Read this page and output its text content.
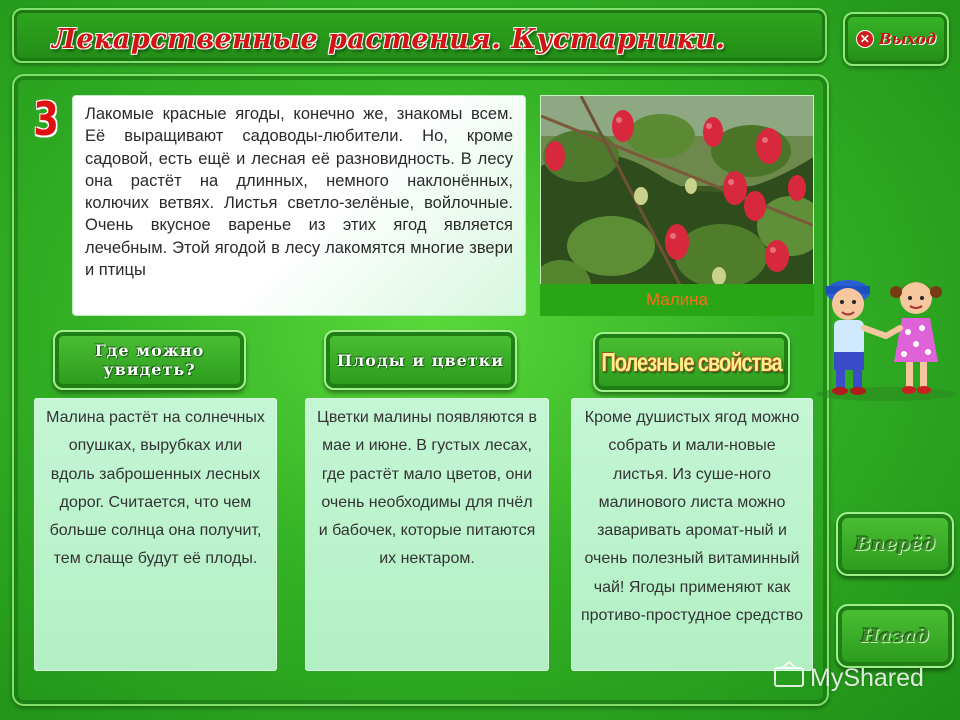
Лекарственные растения. Кустарники.	✕ Выход
3	Лакомые красные ягоды, конечно же, знакомы всем. Её выращивают садоводы-любители. Но, кроме садовой, есть ещё и лесная её разновидность. В лесу она растёт на длинных, немного наклонённых, колючих ветвях. Листья светло-зелёные, войлочные. Очень вкусное варенье из этих ягод является лечебным. Этой ягодой в лесу лакомятся многие звери и птицы
Малина
Где можно увидеть?	Плоды и цветки	Полезные свойства
Малина растёт на солнечных опушках, вырубках или вдоль заброшенных лесных дорог. Считается, что чем больше солнца она получит, тем слаще будут её плоды.
Цветки малины появляются в мае и июне. В густых лесах, где растёт мало цветов, они очень необходимы для пчёл и бабочек, которые питаются их нектаром.
Кроме душистых ягод можно собрать и мали-новые листья. Из суше-ного малинового листа можно заваривать аромат-ный и очень полезный витаминный чай! Ягоды применяют как противо-простудное средство
Вперёд
Назад
MyShared
